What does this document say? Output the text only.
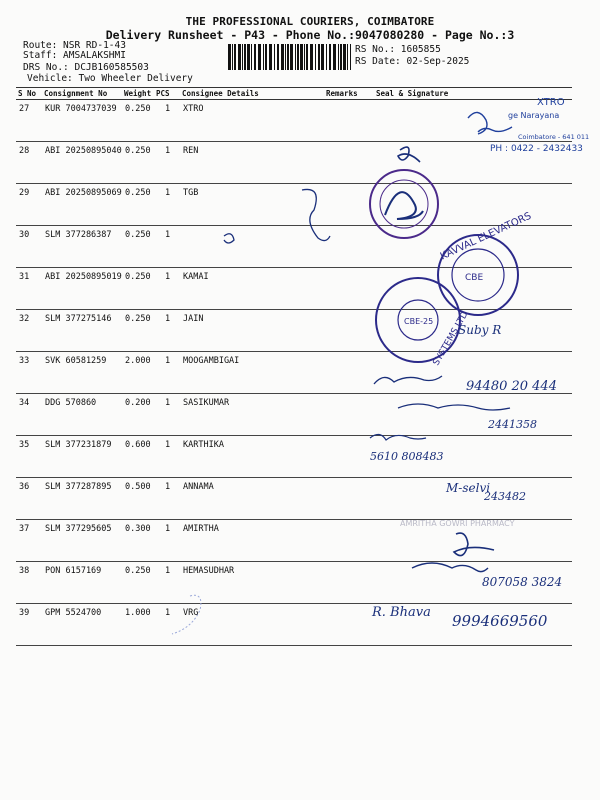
THE PROFESSIONAL COURIERS, COIMBATORE
Delivery Runsheet - P43 - Phone No.:9047080280 - Page No.:3
Route: NSR RD-1-43
Staff: AMSALAKSHMI
DRS No.: DCJB160585503
Vehicle: Two Wheeler Delivery
RS No.: 1605855
RS Date: 02-Sep-2025
S No	Consignment No	Weight	PCS	Consignee Details	Remarks	Seal & Signature
27	KUR 7004737039	0.250	1	XTRO		
28	ABI 20250895040	0.250	1	REN		
29	ABI 20250895069	0.250	1	TGB		
30	SLM 377286387	0.250	1			
31	ABI 20250895019	0.250	1	KAMAI		
32	SLM 377275146	0.250	1	JAIN		
33	SVK 60581259	2.000	1	MOOGAMBIGAI		
34	DDG 570860	0.200	1	SASIKUMAR		
35	SLM 377231879	0.600	1	KARTHIKA		
36	SLM 377287895	0.500	1	ANNAMA		
37	SLM 377295605	0.300	1	AMIRTHA		
38	PON 6157169	0.250	1	HEMASUDHAR		
39	GPM 5524700	1.000	1	VRG		
XTRO
ge Narayana
Coimbatore - 641 011
PH : 0422 - 2432433
KAVVAL ELEVATORS
CBE
SYSTEMS LTD
CBE-25
Suby R
94480 20 444
2441358
5610 808483
M-selvi
243482
AMRITHA GOWRI PHARMACY
807058 3824
R. Bhava 9994669560
